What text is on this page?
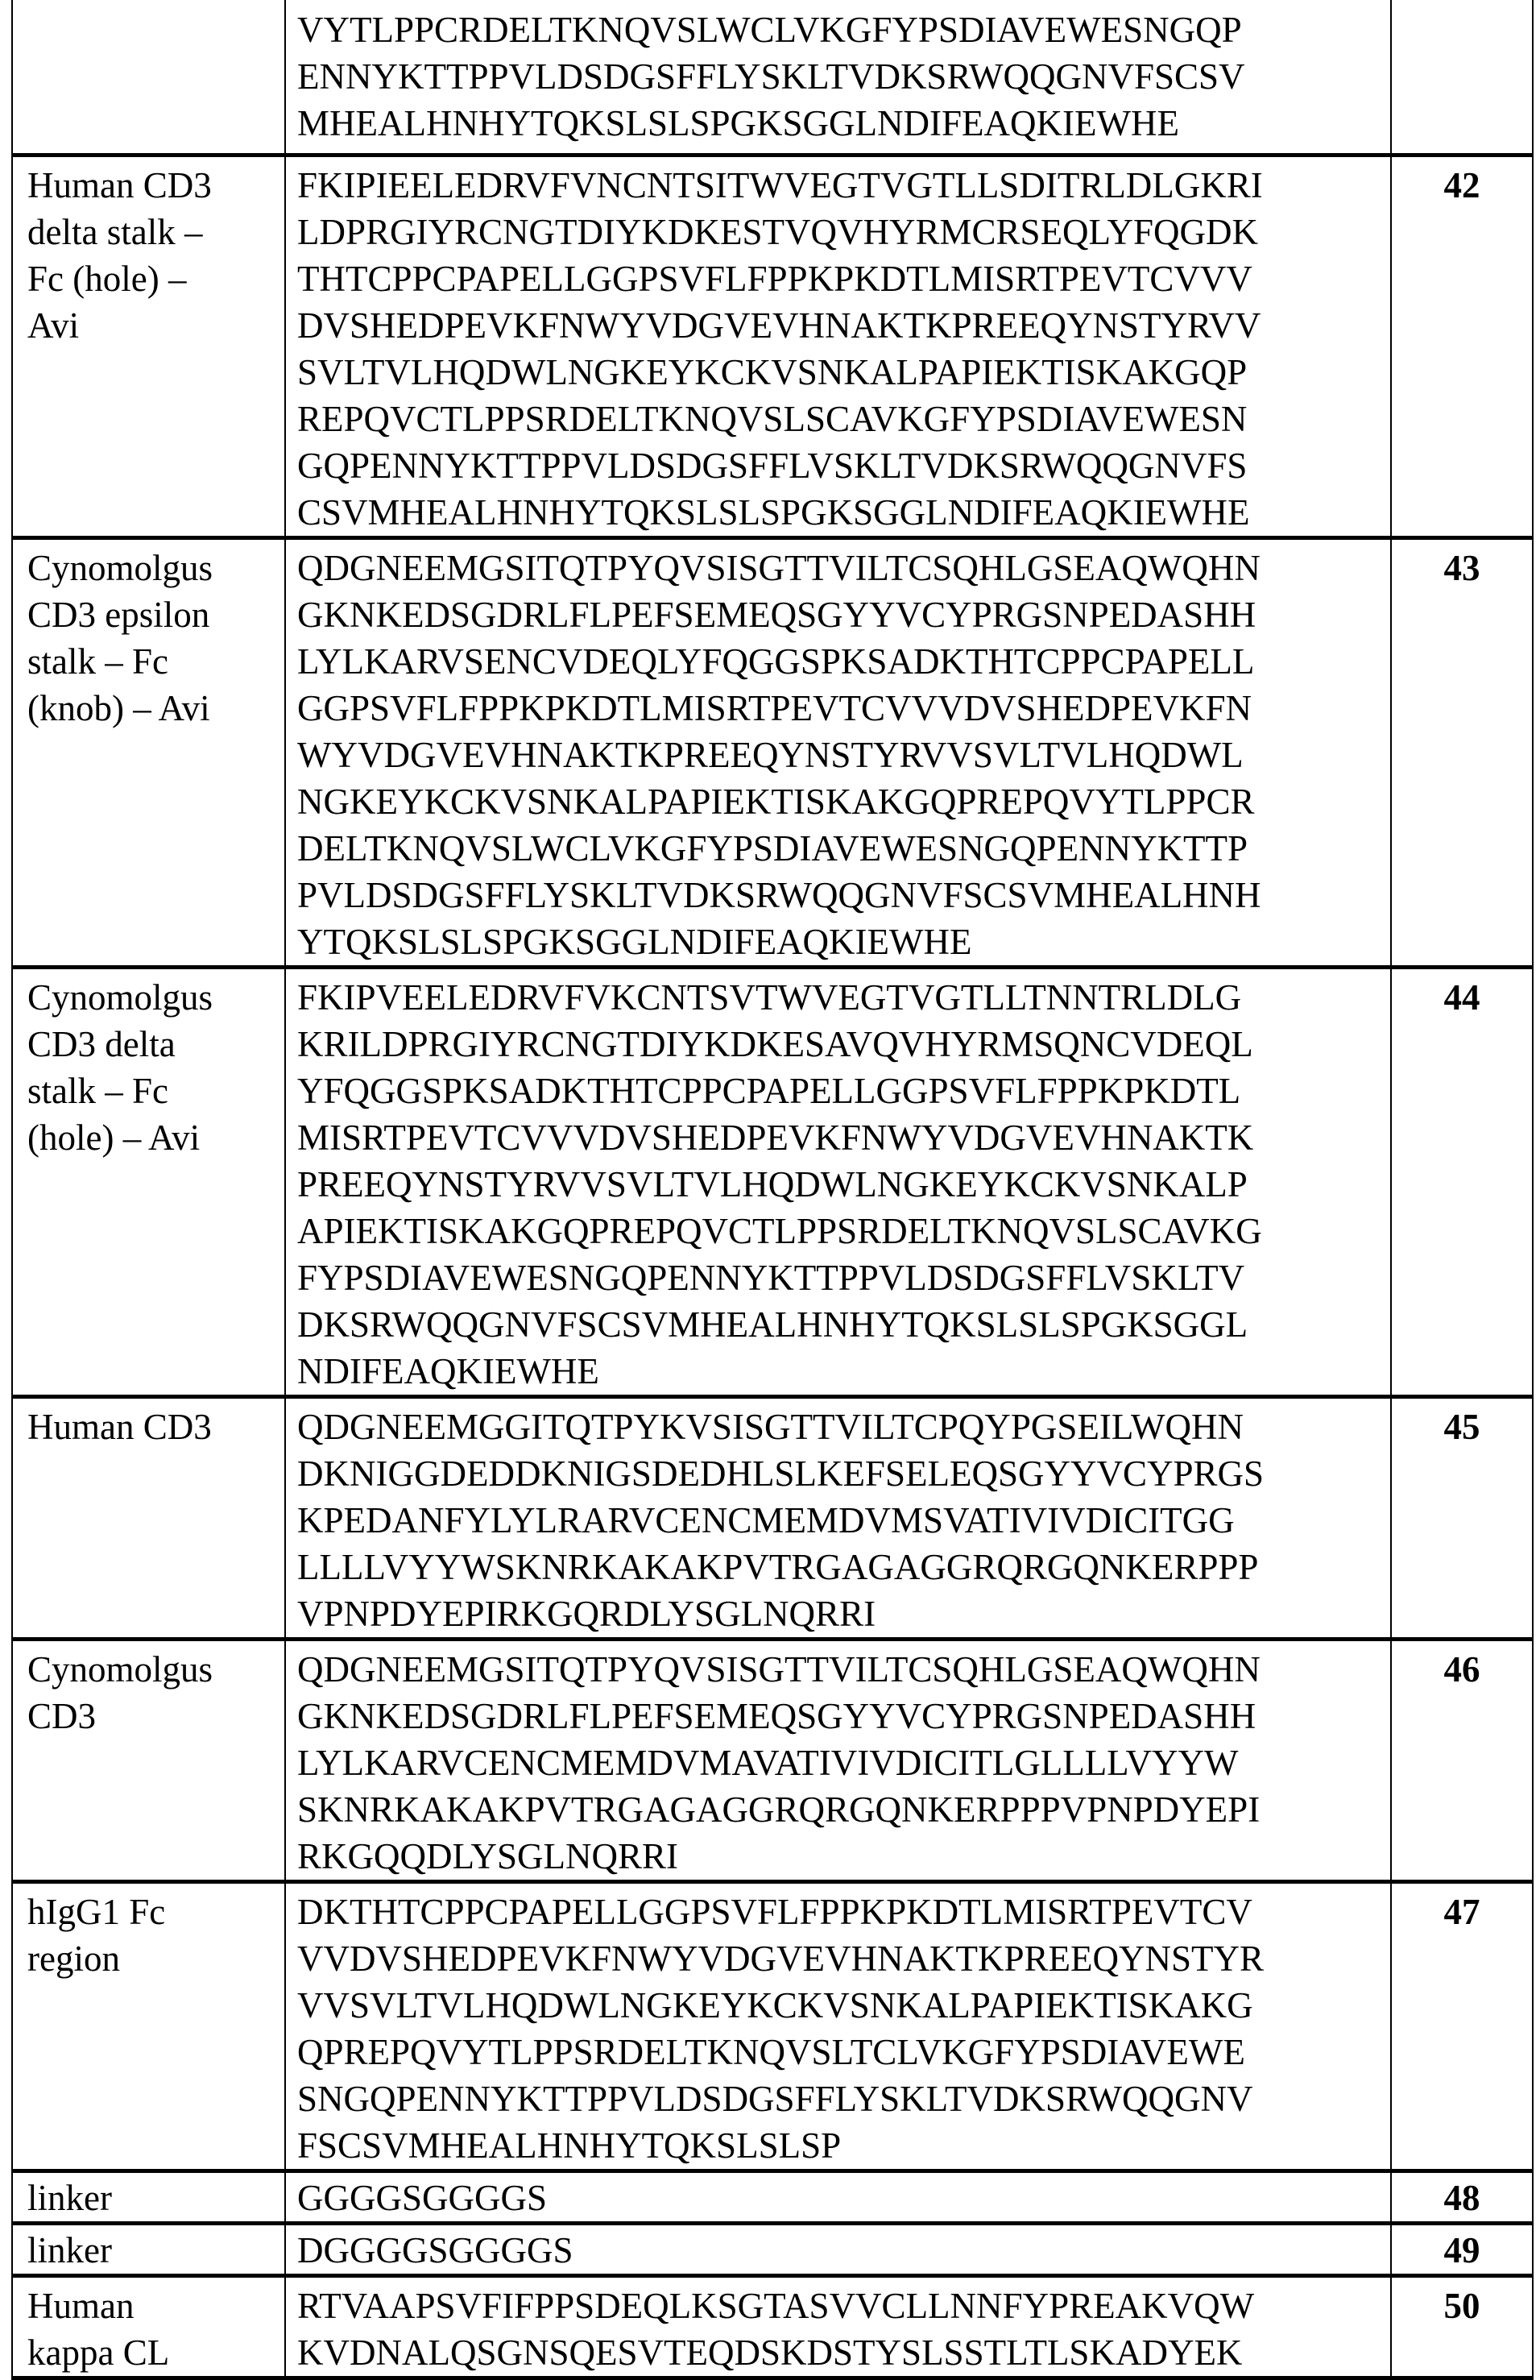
VYTLPPCRDELTKNQVSLWCLVKGFYPSDIAVEWESNGQP
ENNYKTTPPVLDSDGSFFLYSKLTVDKSRWQQGNVFSCSV
MHEALHNHYTQKSLSLSPGKSGGLNDIFEAQKIEWHE

Human CD3
delta stalk –
Fc (hole) –
Avi

FKIPIEELEDRVFVNCNTSITWVEGTVGTLLSDITRLDLGKRI
LDPRGIYRCNGTDIYKDKESTVQVHYRMCRSEQLYFQGDK
THTCPPCPAPELLGGPSVFLFPPKPKDTLMISRTPEVTCVVV
DVSHEDPEVKFNWYVDGVEVHNAKTKPREEQYNSTYRVV
SVLTVLHQDWLNGKEYKCKVSNKALPAPIEKTISKAKGQP
REPQVCTLPPSRDELTKNQVSLSCAVKGFYPSDIAVEWESN
GQPENNYKTTPPVLDSDGSFFLVSKLTVDKSRWQQGNVFS
CSVMHEALHNHYTQKSLSLSPGKSGGLNDIFEAQKIEWHE
	42

Cynomolgus
CD3 epsilon
stalk – Fc
(knob) – Avi

QDGNEEMGSITQTPYQVSISGTTVILTCSQHLGSEAQWQHN
GKNKEDSGDRLFLPEFSEMEQSGYYVCYPRGSNPEDASHH
LYLKARVSENCVDEQLYFQGGSPKSADKTHTCPPCPAPELL
GGPSVFLFPPKPKDTLMISRTPEVTCVVVDVSHEDPEVKFN
WYVDGVEVHNAKTKPREEQYNSTYRVVSVLTVLHQDWL
NGKEYKCKVSNKALPAPIEKTISKAKGQPREPQVYTLPPCR
DELTKNQVSLWCLVKGFYPSDIAVEWESNGQPENNYKTTP
PVLDSDGSFFLYSKLTVDKSRWQQGNVFSCSVMHEALHNH
YTQKSLSLSPGKSGGLNDIFEAQKIEWHE
	43

Cynomolgus
CD3 delta
stalk – Fc
(hole) – Avi

FKIPVEELEDRVFVKCNTSVTWVEGTVGTLLTNNTRLDLG
KRILDPRGIYRCNGTDIYKDKESAVQVHYRMSQNCVDEQL
YFQGGSPKSADKTHTCPPCPAPELLGGPSVFLFPPKPKDTL
MISRTPEVTCVVVDVSHEDPEVKFNWYVDGVEVHNAKTK
PREEQYNSTYRVVSVLTVLHQDWLNGKEYKCKVSNKALP
APIEKTISKAKGQPREPQVCTLPPSRDELTKNQVSLSCAVKG
FYPSDIAVEWESNGQPENNYKTTPPVLDSDGSFFLVSKLTV
DKSRWQQGNVFSCSVMHEALHNHYTQKSLSLSPGKSGGL
NDIFEAQKIEWHE
	44

Human CD3	QDGNEEMGGITQTPYKVSISGTTVILTCPQYPGSEILWQHN
DKNIGGDEDDKNIGSDEDHLSLKEFSELEQSGYYVCYPRGS
KPEDANFYLYLRARVCENCMEMDVMSVATIVIVDICITGG
LLLLVYYWSKNRKAKAKPVTRGAGAGGRQRGQNKERPPP
VPNPDYEPIRKGQRDLYSGLNQRRI
	45

Cynomolgus
CD3

QDGNEEMGSITQTPYQVSISGTTVILTCSQHLGSEAQWQHN
GKNKEDSGDRLFLPEFSEMEQSGYYVCYPRGSNPEDASHH
LYLKARVCENCMEMDVMAVATIVIVDICITLGLLLLVYYW
SKNRKAKAKPVTRGAGAGGRQRGQNKERPPPVPNPDYEPI
RKGQQDLYSGLNQRRI
	46

hIgG1 Fc
region

DKTHTCPPCPAPELLGGPSVFLFPPKPKDTLMISRTPEVTCV
VVDVSHEDPEVKFNWYVDGVEVHNAKTKPREEQYNSTYR
VVSVLTVLHQDWLNGKEYKCKVSNKALPAPIEKTISKAKG
QPREPQVYTLPPSRDELTKNQVSLTCLVKGFYPSDIAVEWE
SNGQPENNYKTTPPVLDSDGSFFLYSKLTVDKSRWQQGNV
FSCSVMHEALHNHYTQKSLSLSP
	47

linker	GGGGSGGGGS	48

linker	DGGGGSGGGGS	49

Human
kappa CL

RTVAAPSVFIFPPSDEQLKSGTASVVCLLNNFYPREAKVQW
KVDNALQSGNSQESVTEQDSKDSTYSLSSTLTLSKADYEK
	50
